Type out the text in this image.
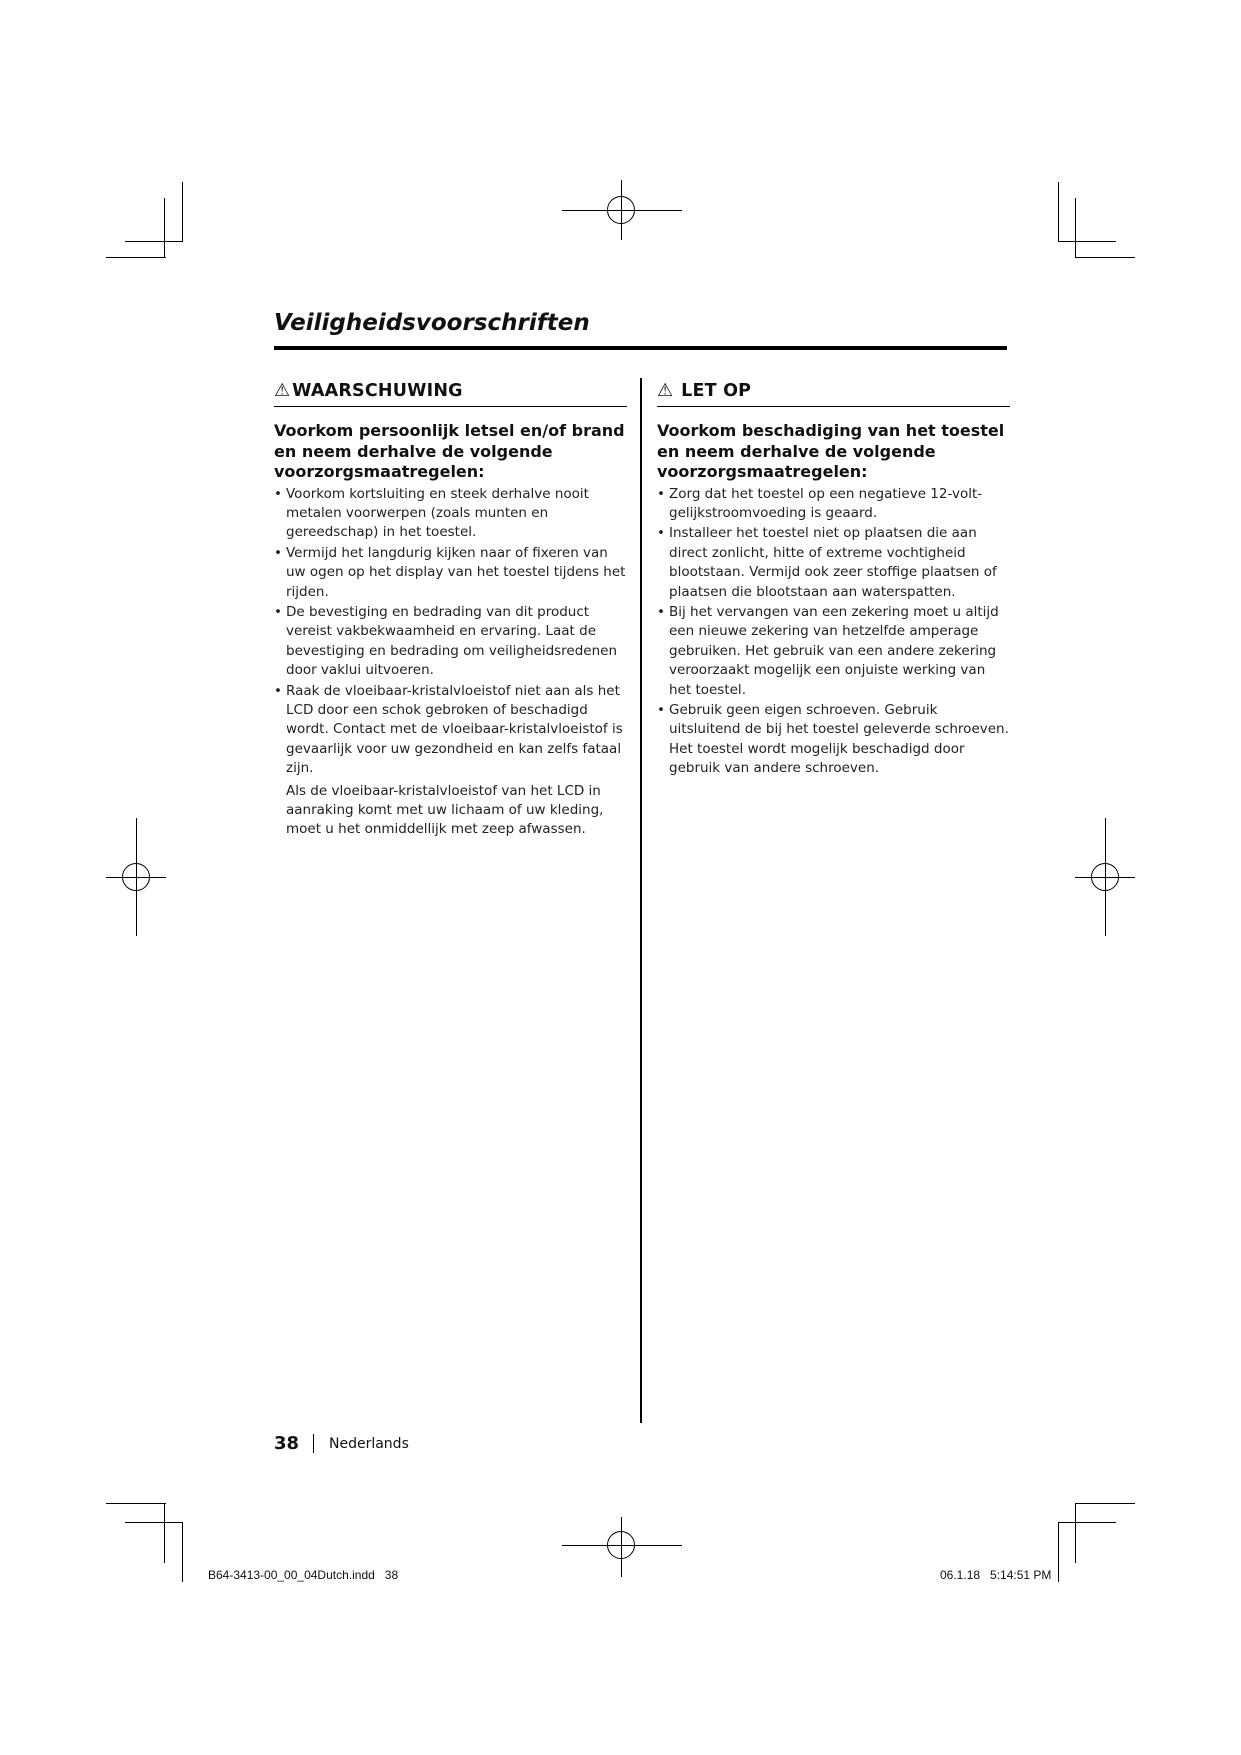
Veiligheidsvoorschriften
⚠ WAARSCHUWING
Voorkom persoonlijk letsel en/of brand en neem derhalve de volgende voorzorgsmaatregelen:
• Voorkom kortsluiting en steek derhalve nooit metalen voorwerpen (zoals munten en gereedschap) in het toestel.
• Vermijd het langdurig kijken naar of fixeren van uw ogen op het display van het toestel tijdens het rijden.
• De bevestiging en bedrading van dit product vereist vakbekwaamheid en ervaring. Laat de bevestiging en bedrading om veiligheidsredenen door vaklui uitvoeren.
• Raak de vloeibaar-kristalvloeistof niet aan als het LCD door een schok gebroken of beschadigd wordt. Contact met de vloeibaar-kristalvloeistof is gevaarlijk voor uw gezondheid en kan zelfs fataal zijn.

Als de vloeibaar-kristalvloeistof van het LCD in aanraking komt met uw lichaam of uw kleding, moet u het onmiddellijk met zeep afwassen.

⚠ LET OP
Voorkom beschadiging van het toestel en neem derhalve de volgende voorzorgsmaatregelen:
• Zorg dat het toestel op een negatieve 12-volt-gelijkstroomvoeding is geaard.
• Installeer het toestel niet op plaatsen die aan direct zonlicht, hitte of extreme vochtigheid blootstaan. Vermijd ook zeer stoffige plaatsen of plaatsen die blootstaan aan waterspatten.
• Bij het vervangen van een zekering moet u altijd een nieuwe zekering van hetzelfde amperage gebruiken. Het gebruik van een andere zekering veroorzaakt mogelijk een onjuiste werking van het toestel.
• Gebruik geen eigen schroeven. Gebruik uitsluitend de bij het toestel geleverde schroeven. Het toestel wordt mogelijk beschadigd door gebruik van andere schroeven.
38 Nederlands
B64-3413-00_00_04Dutch.indd   38	06.1.18   5:14:51 PM
